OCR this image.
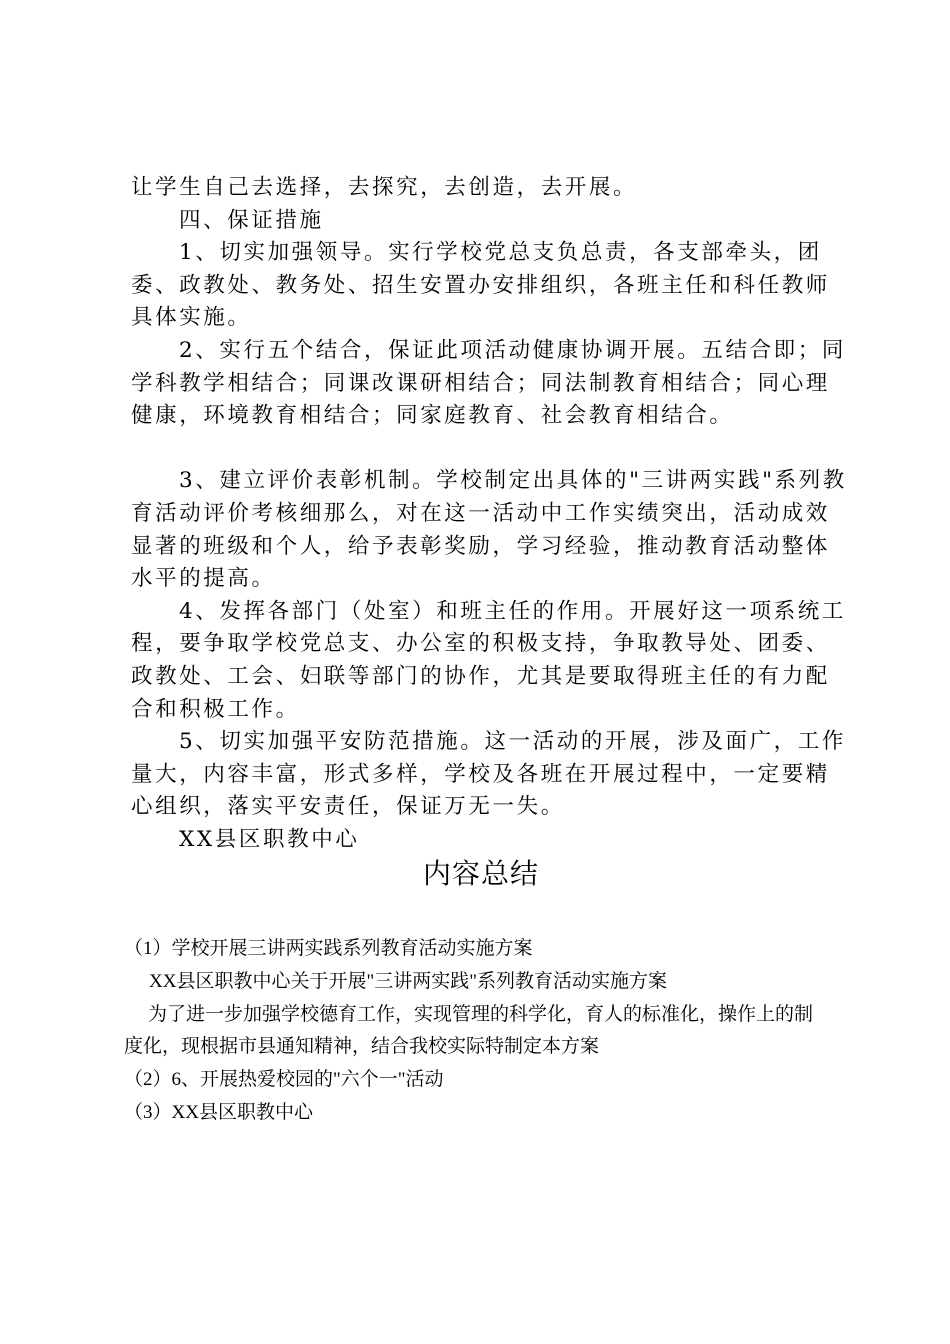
让学生自己去选择，去探究，去创造，去开展。

四、保证措施

1、切实加强领导。实行学校党总支负总责，各支部牵头，团委、政教处、教务处、招生安置办安排组织，各班主任和科任教师具体实施。

2、实行五个结合，保证此项活动健康协调开展。五结合即；同学科教学相结合；同课改课研相结合；同法制教育相结合；同心理健康，环境教育相结合；同家庭教育、社会教育相结合。

3、建立评价表彰机制。学校制定出具体的"三讲两实践"系列教育活动评价考核细那么，对在这一活动中工作实绩突出，活动成效显著的班级和个人，给予表彰奖励，学习经验，推动教育活动整体水平的提高。

4、发挥各部门（处室）和班主任的作用。开展好这一项系统工程，要争取学校党总支、办公室的积极支持，争取教导处、团委、政教处、工会、妇联等部门的协作，尤其是要取得班主任的有力配合和积极工作。

5、切实加强平安防范措施。这一活动的开展，涉及面广，工作量大，内容丰富，形式多样，学校及各班在开展过程中，一定要精心组织，落实平安责任，保证万无一失。

XX县区职教中心

内容总结

（1）学校开展三讲两实践系列教育活动实施方案

XX县区职教中心关于开展"三讲两实践"系列教育活动实施方案

为了进一步加强学校德育工作，实现管理的科学化，育人的标准化，操作上的制度化，现根据市县通知精神，结合我校实际特制定本方案

（2）6、开展热爱校园的"六个一"活动

（3）XX县区职教中心
